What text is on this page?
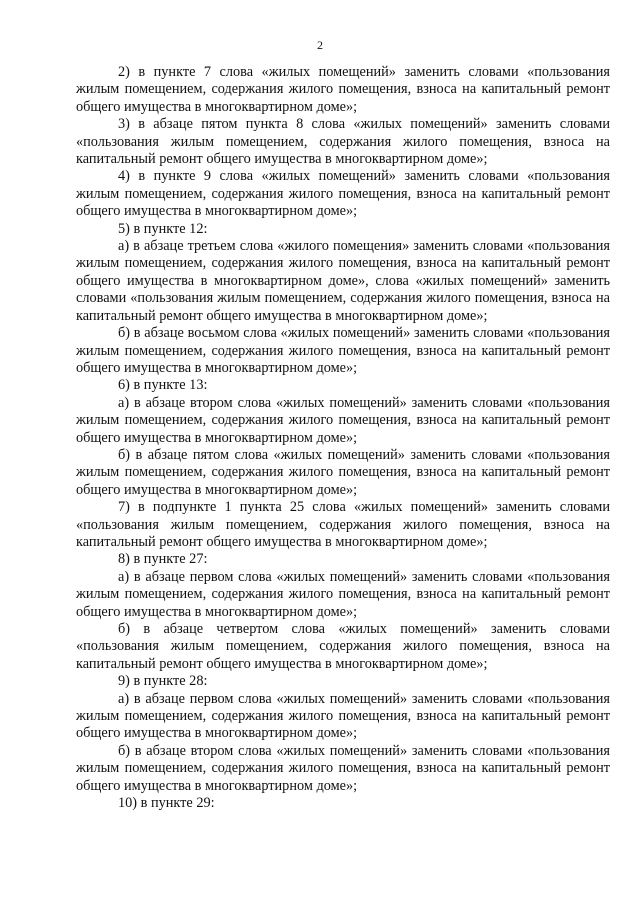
2

2) в пункте 7 слова «жилых помещений» заменить словами «пользования жилым помещением, содержания жилого помещения, взноса на капитальный ремонт общего имущества в многоквартирном доме»;

3) в абзаце пятом пункта 8 слова «жилых помещений» заменить словами «пользования жилым помещением, содержания жилого помещения, взноса на капитальный ремонт общего имущества в многоквартирном доме»;

4) в пункте 9 слова «жилых помещений» заменить словами «пользования жилым помещением, содержания жилого помещения, взноса на капитальный ремонт общего имущества в многоквартирном доме»;

5) в пункте 12:

а) в абзаце третьем слова «жилого помещения» заменить словами «пользования жилым помещением, содержания жилого помещения, взноса на капитальный ремонт общего имущества в многоквартирном доме», слова «жилых помещений» заменить словами «пользования жилым помещением, содержания жилого помещения, взноса на капитальный ремонт общего имущества в многоквартирном доме»;

б) в абзаце восьмом слова «жилых помещений» заменить словами «пользования жилым помещением, содержания жилого помещения, взноса на капитальный ремонт общего имущества в многоквартирном доме»;

6) в пункте 13:

а) в абзаце втором слова «жилых помещений» заменить словами «пользования жилым помещением, содержания жилого помещения, взноса на капитальный ремонт общего имущества в многоквартирном доме»;

б) в абзаце пятом слова «жилых помещений» заменить словами «пользования жилым помещением, содержания жилого помещения, взноса на капитальный ремонт общего имущества в многоквартирном доме»;

7) в подпункте 1 пункта 25 слова «жилых помещений» заменить словами «пользования жилым помещением, содержания жилого помещения, взноса на капитальный ремонт общего имущества в многоквартирном доме»;

8) в пункте 27:

а) в абзаце первом слова «жилых помещений» заменить словами «пользования жилым помещением, содержания жилого помещения, взноса на капитальный ремонт общего имущества в многоквартирном доме»;

б) в абзаце четвертом слова «жилых помещений» заменить словами «пользования жилым помещением, содержания жилого помещения, взноса на капитальный ремонт общего имущества в многоквартирном доме»;

9) в пункте 28:

а) в абзаце первом слова «жилых помещений» заменить словами «пользования жилым помещением, содержания жилого помещения, взноса на капитальный ремонт общего имущества в многоквартирном доме»;

б) в абзаце втором слова «жилых помещений» заменить словами «пользования жилым помещением, содержания жилого помещения, взноса на капитальный ремонт общего имущества в многоквартирном доме»;

10) в пункте 29:
